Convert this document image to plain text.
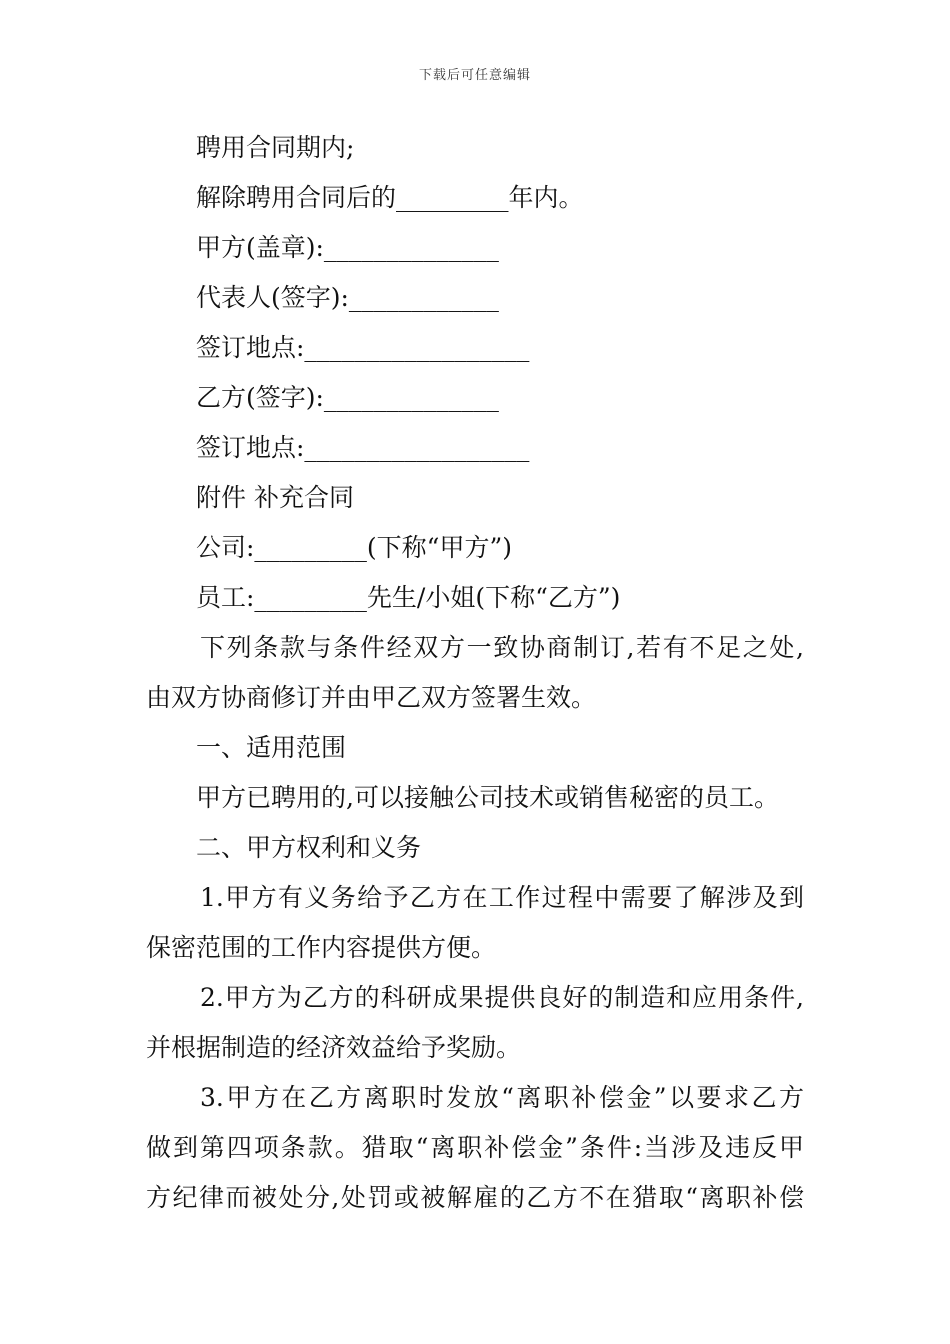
下载后可任意编辑
聘用合同期内;
解除聘用合同后的_________年内。
甲方(盖章):______________
代表人(签字):____________
签订地点:__________________
乙方(签字):______________
签订地点:__________________
附件 补充合同
公司:_________(下称“甲方”)
员工:_________先生/小姐(下称“乙方”)
下列条款与条件经双方一致协商制订,若有不足之处,
由双方协商修订并由甲乙双方签署生效。
一、适用范围
甲方已聘用的,可以接触公司技术或销售秘密的员工。
二、甲方权利和义务
1.甲方有义务给予乙方在工作过程中需要了解涉及到
保密范围的工作内容提供方便。
2.甲方为乙方的科研成果提供良好的制造和应用条件,
并根据制造的经济效益给予奖励。
3.甲方在乙方离职时发放“离职补偿金”以要求乙方
做到第四项条款。猎取“离职补偿金”条件:当涉及违反甲
方纪律而被处分,处罚或被解雇的乙方不在猎取“离职补偿
